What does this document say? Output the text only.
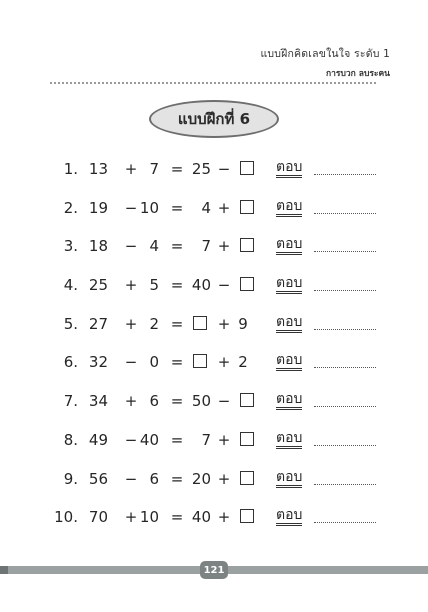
แบบฝึกคิดเลขในใจ ระดับ 1
การบวก ลบระคน
แบบฝึกที่ 6
1. 13 + 7 = 25 −	ตอบ
2. 19 − 10 = 4 +	ตอบ
3. 18 − 4 = 7 +	ตอบ
4. 25 + 5 = 40 −	ตอบ
5. 27 + 2 = + 9 ตอบ
6. 32 − 0 = + 2 ตอบ
7. 34 + 6 = 50 −	ตอบ
8. 49 − 40 = 7 +	ตอบ
9. 56 − 6 = 20 +	ตอบ
10. 70 + 10 = 40 +	ตอบ
121
